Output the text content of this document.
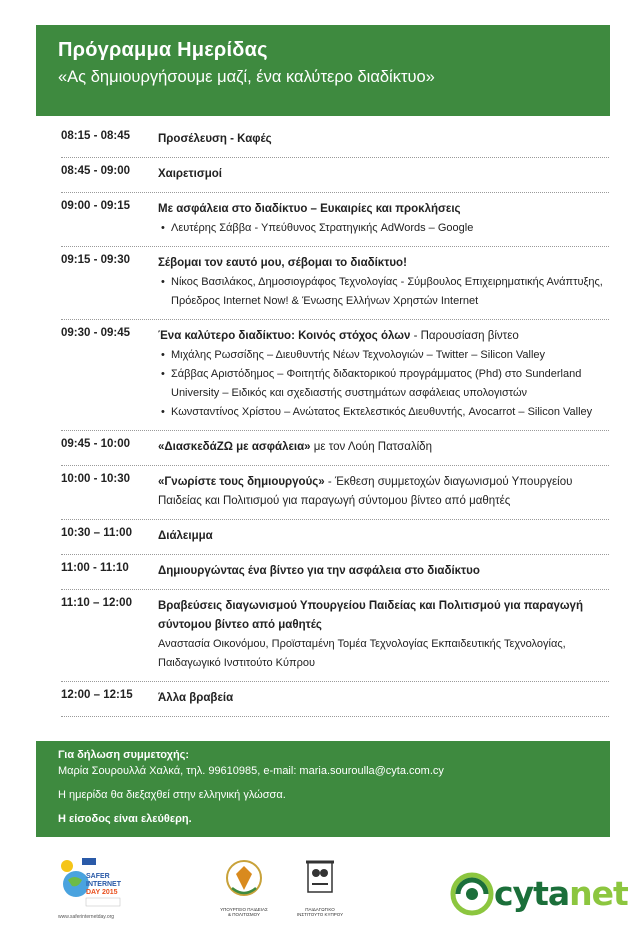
Πρόγραμμα Ημερίδας
«Ας δημιουργήσουμε μαζί, ένα καλύτερο διαδίκτυο»
08:15 - 08:45	Προσέλευση - Καφές
08:45 - 09:00	Χαιρετισμοί
09:00 - 09:15	Με ασφάλεια στο διαδίκτυο – Ευκαιρίες και προκλήσεις
• Λευτέρης Σάββα - Υπεύθυνος Στρατηγικής AdWords – Google
09:15 - 09:30	Σέβομαι τον εαυτό μου, σέβομαι το διαδίκτυο!
• Νίκος Βασιλάκος, Δημοσιογράφος Τεχνολογίας - Σύμβουλος Επιχειρηματικής Ανάπτυξης, Πρόεδρος Internet Now! & Ένωσης Ελλήνων Χρηστών Internet
09:30 - 09:45	Ένα καλύτερο διαδίκτυο: Κοινός στόχος όλων - Παρουσίαση βίντεο
• Μιχάλης Ρωσσίδης – Διευθυντής Νέων Τεχνολογιών – Twitter – Silicon Valley
• Σάββας Αριστόδημος – Φοιτητής διδακτορικού προγράμματος (Phd) στο Sunderland University – Ειδικός και σχεδιαστής συστημάτων ασφάλειας υπολογιστών
• Κωνσταντίνος Χρίστου – Ανώτατος Εκτελεστικός Διευθυντής, Avocarrot – Silicon Valley
09:45 - 10:00	«ΔιασκεδάΖΩ με ασφάλεια» με τον Λούη Πατσαλίδη
10:00 - 10:30	«Γνωρίστε τους δημιουργούς» - Έκθεση συμμετοχών διαγωνισμού Υπουργείου Παιδείας και Πολιτισμού για παραγωγή σύντομου βίντεο από μαθητές
10:30 – 11:00	Διάλειμμα
11:00 - 11:10	Δημιουργώντας ένα βίντεο για την ασφάλεια στο διαδίκτυο
11:10 – 12:00	Βραβεύσεις διαγωνισμού Υπουργείου Παιδείας και Πολιτισμού για παραγωγή σύντομου βίντεο από μαθητές
Αναστασία Οικονόμου, Προϊσταμένη Τομέα Τεχνολογίας Εκπαιδευτικής Τεχνολογίας, Παιδαγωγικό Ινστιτούτο Κύπρου
12:00 – 12:15	Άλλα βραβεία
Για δήλωση συμμετοχής:
Μαρία Σουρουλλά Χαλκά, τηλ. 99610985, e-mail: maria.souroulla@cyta.com.cy
Η ημερίδα θα διεξαχθεί στην ελληνική γλώσσα.
Η είσοδος είναι ελεύθερη.
SAFER
INTERNET
DAY 2015
www.saferinternetday.org
ΥΠΟΥΡΓΕΙΟ ΠΑΙΔΕΙΑΣ
& ΠΟΛΙΤΙΣΜΟΥ
ΠΑΙΔΑΓΩΓΙΚΟ
ΙΝΣΤΙΤΟΥΤΟ ΚΥΠΡΟΥ
cytanet
